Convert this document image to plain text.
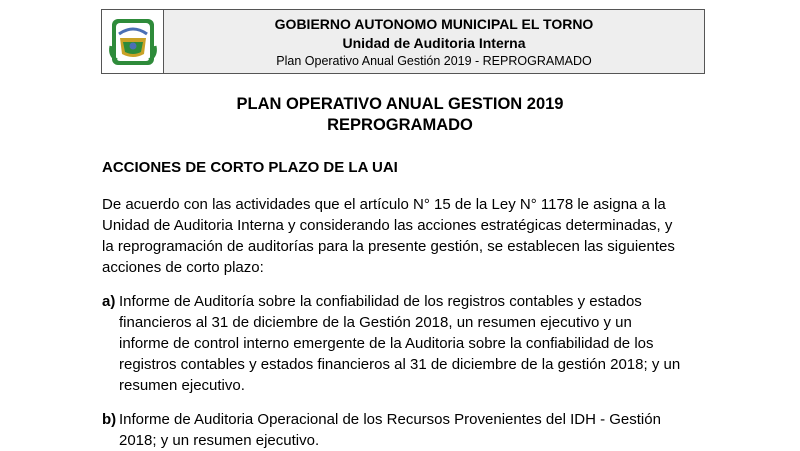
GOBIERNO AUTONOMO MUNICIPAL EL TORNO
Unidad de Auditoria Interna
Plan Operativo Anual Gestión 2019 - REPROGRAMADO
PLAN OPERATIVO ANUAL GESTION 2019
REPROGRAMADO
ACCIONES DE CORTO PLAZO DE LA UAI
De acuerdo con las actividades que el artículo N° 15 de la Ley N° 1178 le asigna a la
Unidad de Auditoria Interna y considerando las acciones estratégicas determinadas, y
la reprogramación de auditorías para la presente gestión, se establecen las siguientes
acciones de corto plazo:
a) Informe de Auditoría sobre la confiabilidad de los registros contables y estados
financieros al 31 de diciembre de la Gestión 2018, un resumen ejecutivo y un
informe de control interno emergente de la Auditoria sobre la confiabilidad de los
registros contables y estados financieros al 31 de diciembre de la gestión 2018; y un
resumen ejecutivo.
b) Informe de Auditoria Operacional de los Recursos Provenientes del IDH - Gestión
2018; y un resumen ejecutivo.
